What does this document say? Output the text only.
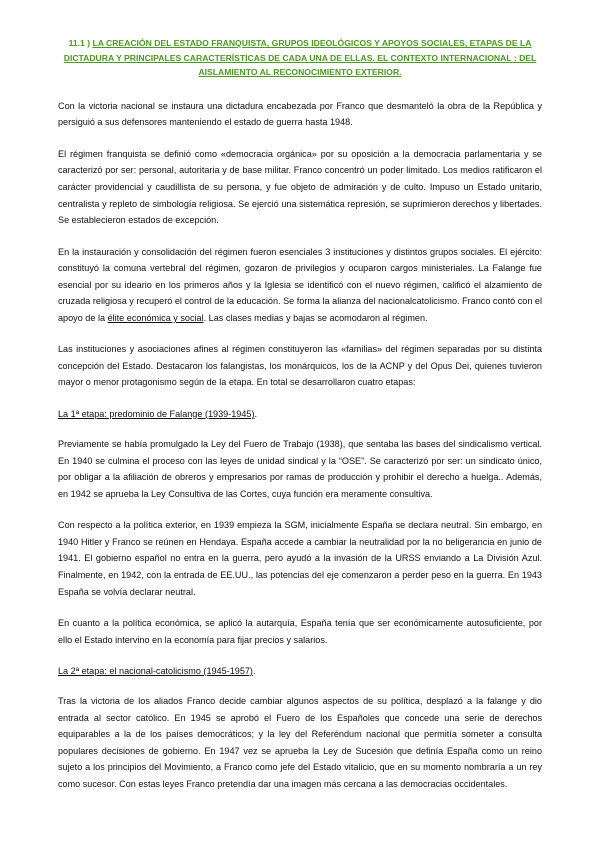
11.1 ) LA CREACIÓN DEL ESTADO FRANQUISTA, GRUPOS IDEOLÓGICOS Y APOYOS SOCIALES, ETAPAS DE LA DICTADURA Y PRINCIPALES CARACTERÍSTICAS DE CADA UNA DE ELLAS. EL CONTEXTO INTERNACIONAL : DEL AISLAMIENTO AL RECONOCIMIENTO EXTERIOR.

Con la victoria nacional se instaura una dictadura encabezada por Franco que desmanteló la obra de la República y persiguió a sus defensores manteniendo el estado de guerra hasta 1948.

El régimen franquista se definió como «democracia orgánica» por su oposición a la democracia parlamentaria y se caracterizó por ser: personal, autoritaria y de base militar. Franco concentró un poder limitado. Los medios ratificaron el carácter providencial y caudillista de su persona, y fue objeto de admiración y de culto. Impuso un Estado unitario, centralista y repleto de simbología religiosa. Se ejerció una sistemática represión, se suprimieron derechos y libertades. Se establecieron estados de excepción.

En la instauración y consolidación del régimen fueron esenciales 3 instituciones y distintos grupos sociales. El ejército: constituyó la comuna vertebral del régimen, gozaron de privilegios y ocuparon cargos ministeriales. La Falange fue esencial por su ideario en los primeros años y la Iglesia se identificó con el nuevo régimen, calificó el alzamiento de cruzada religiosa y recuperó el control de la educación. Se forma la alianza del nacionalcatolicismo. Franco contó con el apoyo de la élite económica y social. Las clases medias y bajas se acomodaron al régimen.

Las instituciones y asociaciones afines al régimen constituyeron las «familias» del régimen separadas por su distinta concepción del Estado. Destacaron los falangistas, los monárquicos, los de la ACNP y del Opus Dei, quienes tuvieron mayor o menor protagonismo según de la etapa. En total se desarrollaron cuatro etapas:

La 1ª etapa: predominio de Falange (1939-1945).

Previamente se había promulgado la Ley del Fuero de Trabajo (1938), que sentaba las bases del sindicalismo vertical. En 1940 se culmina el proceso con las leyes de unidad sindical y la “OSE”. Se caracterizó por ser: un sindicato único, por obligar a la afiliación de obreros y empresarios por ramas de producción y prohibir el derecho a huelga.. Además, en 1942 se aprueba la Ley Consultiva de las Cortes, cuya función era meramente consultiva.

Con respecto a la política exterior, en 1939 empieza la SGM, inicialmente España se declara neutral. Sin embargo, en 1940 Hitler y Franco se reúnen en Hendaya. España accede a cambiar la neutralidad por la no beligerancia en junio de 1941. El gobierno español no entra en la guerra, pero ayudó a la invasión de la URSS enviando a La División Azul. Finalmente, en 1942, con la entrada de EE.UU., las potencias del eje comenzaron a perder peso en la guerra. En 1943 España se volvía declarar neutral.

En cuanto a la política económica, se aplicó la autarquía, España tenía que ser económicamente autosuficiente, por ello el Estado intervino en la economía para fijar precios y salarios.

La 2ª etapa: el nacional-catolicismo (1945-1957).

Tras la victoria de los aliados Franco decide cambiar algunos aspectos de su política, desplazó a la falange y dio entrada al sector católico. En 1945 se aprobó el Fuero de los Españoles que concede una serie de derechos equiparables a la de los países democráticos; y la ley del Referéndum nacional que permitía someter a consulta populares decisiones de gobierno. En 1947 vez se aprueba la Ley de Sucesión que definía España como un reino sujeto a los principios del Movimiento, a Franco como jefe del Estado vitalicio, que en su momento nombraría a un rey como sucesor. Con estas leyes Franco pretendía dar una imagen más cercana a las democracias occidentales.
